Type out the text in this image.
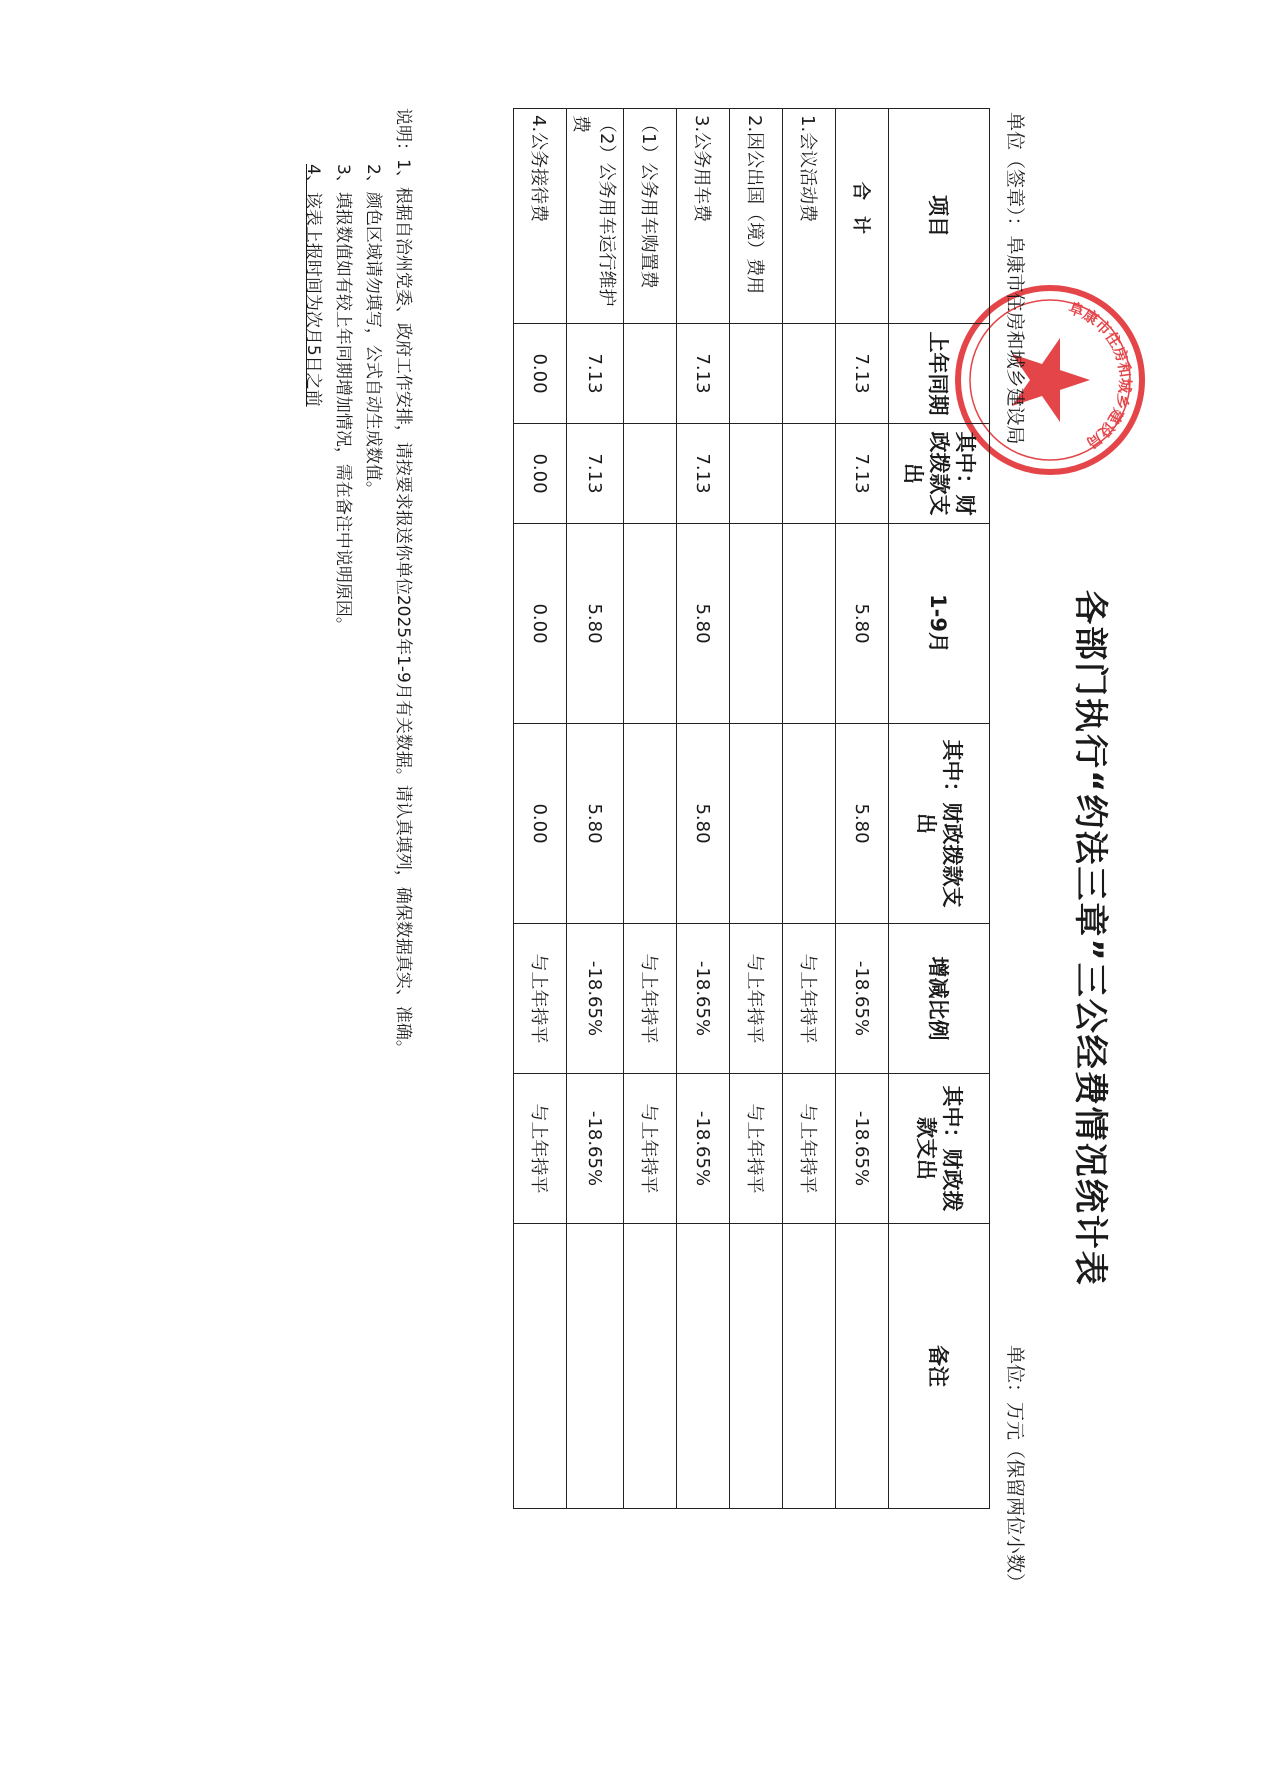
阜康市住房和城乡建设局
各部门执行“约法三章”三公经费情况统计表
单位（签章）：阜康市住房和城乡建设局
单位：万元（保留两位小数）
项目	上年同期	其中：财政拨款支出	1-9月	其中：财政拨款支出	增减比例	其中：财政拨款支出	备注
合计	7.13	7.13	5.80	5.80	-18.65%	-18.65%	
1.会议活动费					与上年持平	与上年持平	
2.因公出国（境）费用					与上年持平	与上年持平	
3.公务用车费	7.13	7.13	5.80	5.80	-18.65%	-18.65%	
（1）公务用车购置费					与上年持平	与上年持平	
（2）公务用车运行维护费	7.13	7.13	5.80	5.80	-18.65%	-18.65%	
4.公务接待费	0.00	0.00	0.00	0.00	与上年持平	与上年持平	
说明：1、根据自治州党委、政府工作安排，请按要求报送你单位2025年1-9月有关数据。请认真填列，确保数据真实、准确。
2、颜色区域请勿填写，公式自动生成数值。
3、填报数值如有较上年同期增加情况，需在备注中说明原因。
4、该表上报时间为次月5日之前
